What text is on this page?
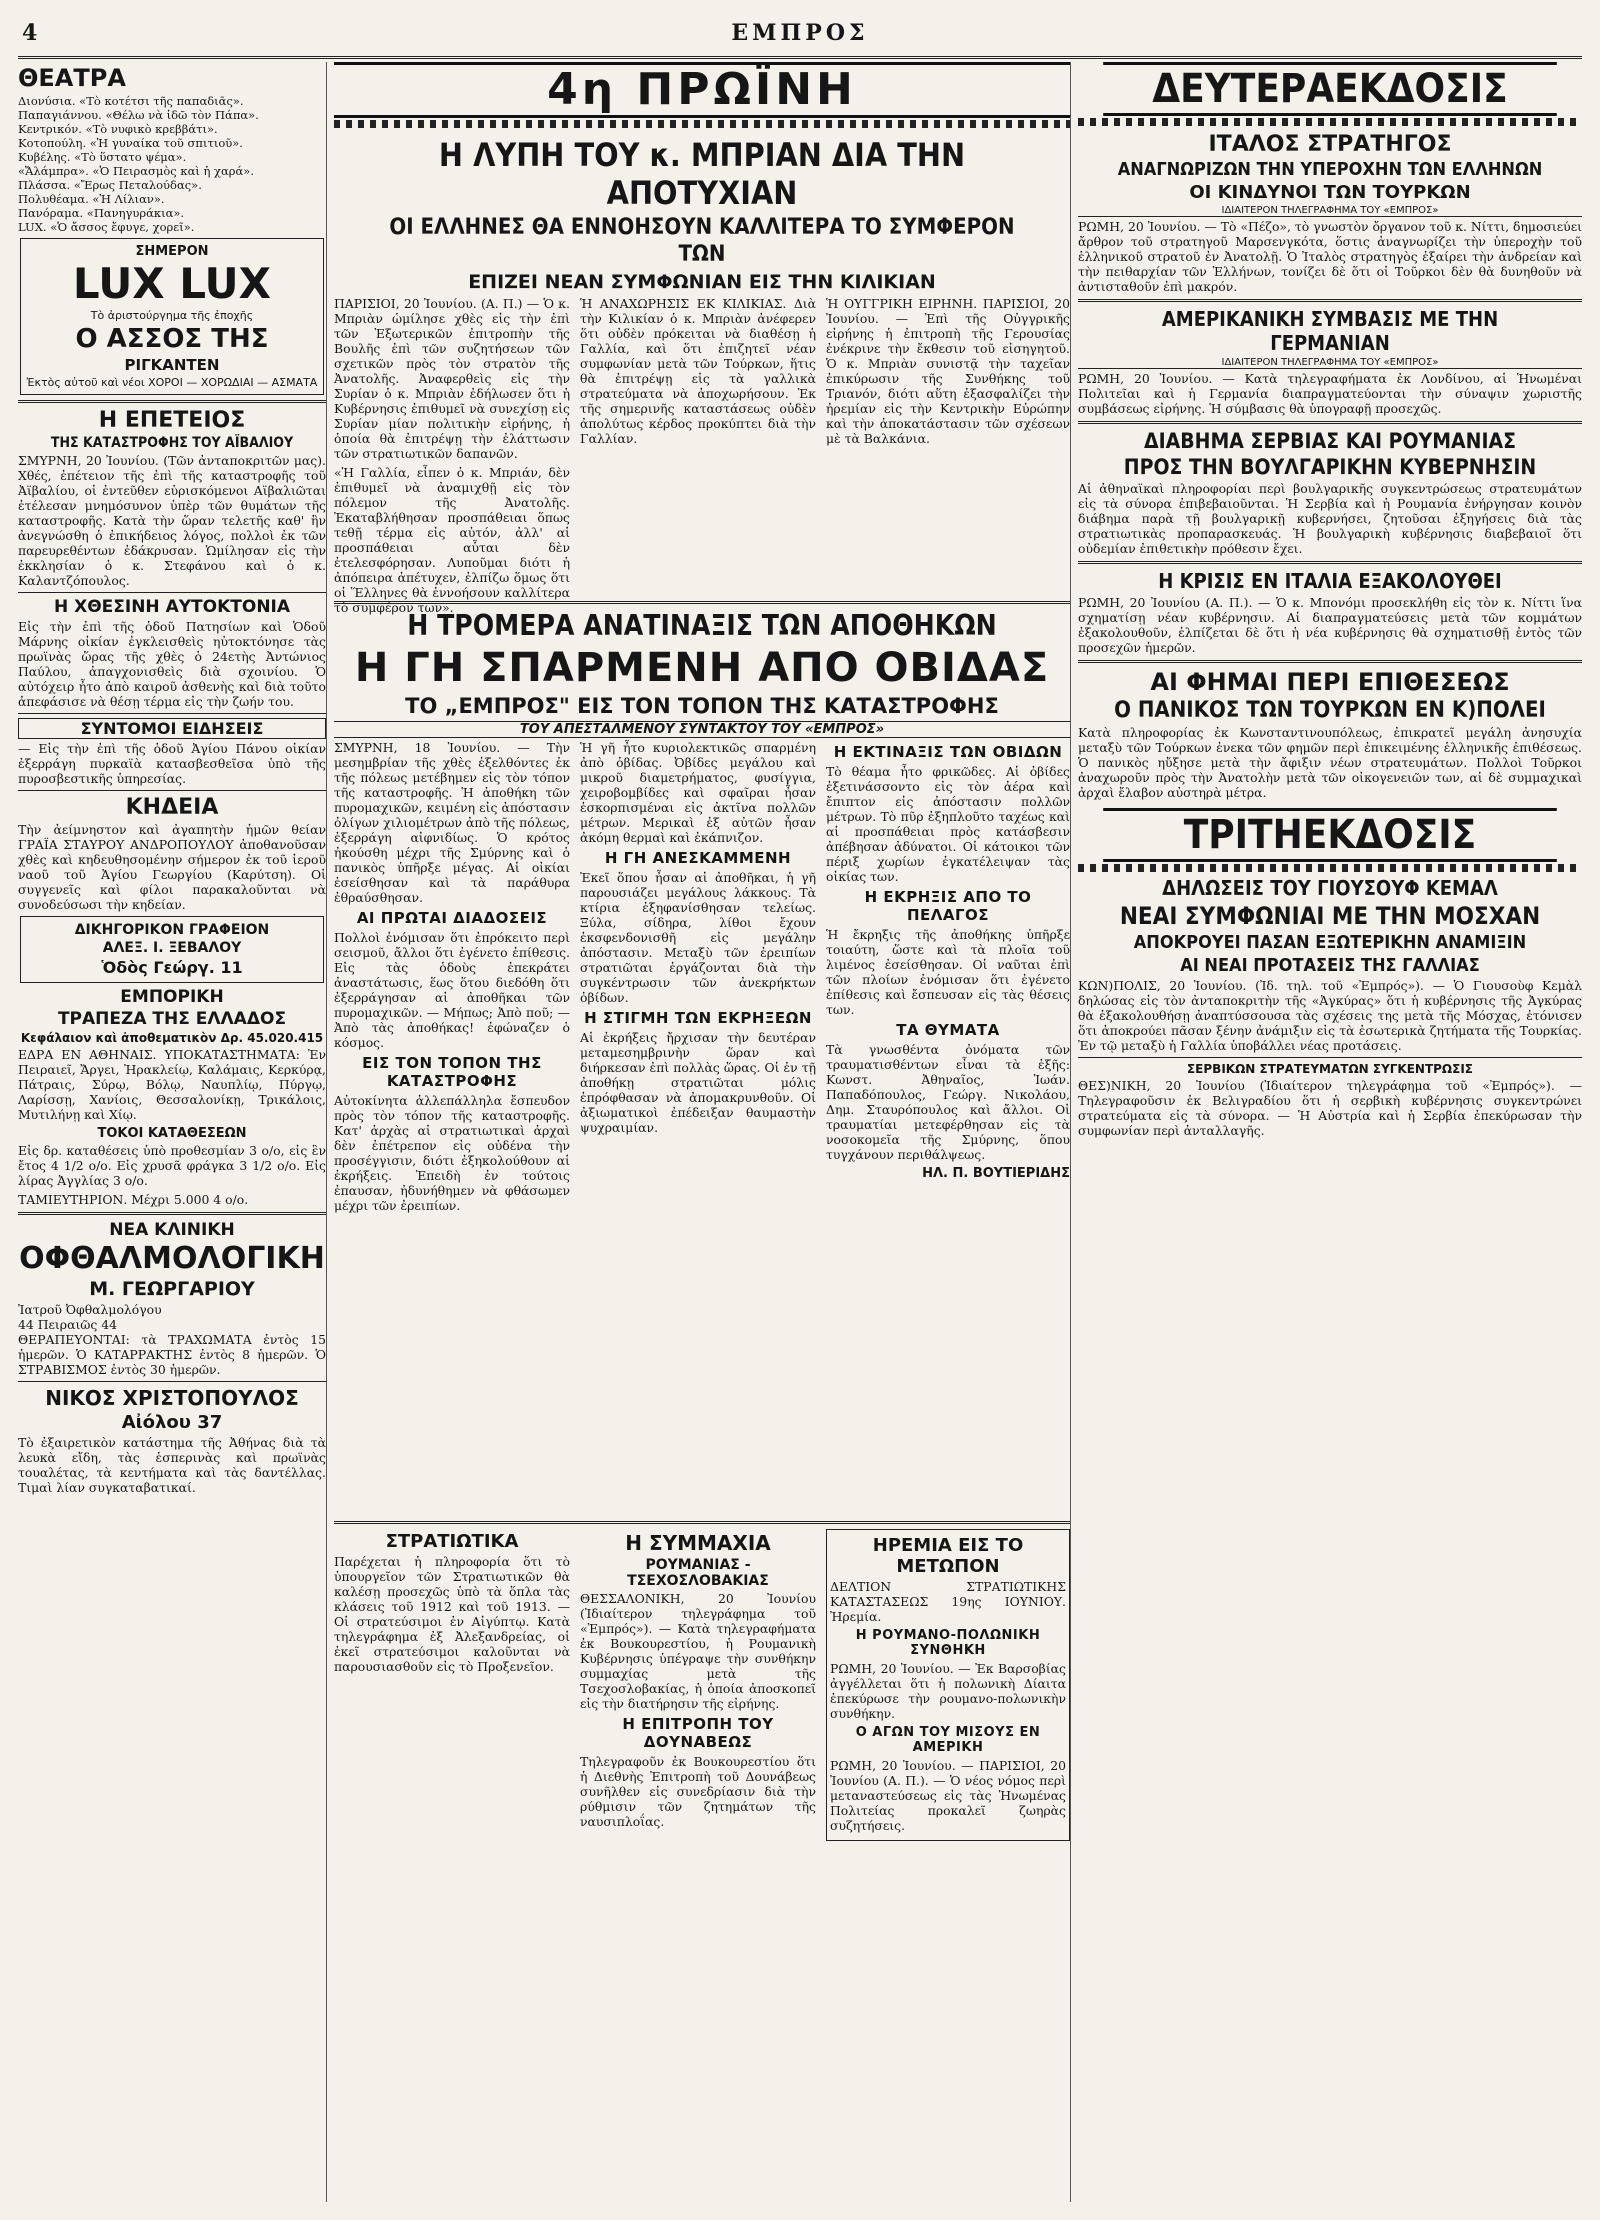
4	ΕΜΠΡΟΣ
ΘΕΑΤΡΑ

Διονύσια. «Τὸ κοτέτσι τῆς παπαδιᾶς».
Παπαγιάννου. «Θέλω νὰ ἰδῶ τὸν Πάπα».
Κεντρικόν. «Τὸ νυφικὸ κρεββάτι».
Κοτοπούλη. «Ἡ γυναίκα τοῦ σπιτιοῦ».
Κυβέλης. «Τὸ ὕστατο ψέμα».
«Ἄλάμπρα». «Ὁ Πειρασμὸς καὶ ἡ χαρά».
Πλάσσα. «Ἔρως Πεταλούδας».
Πολυθέαμα. «Ἡ Λίλιαν».
Πανόραμα. «Πανηγυράκια».
LUX. «Ὁ ἄσσος ἔφυγε, χορεῖ».

ΣΗΜΕΡΟΝ
LUX LUX
Τὸ ἀριστούργημα τῆς ἐποχῆς
Ο ΑΣΣΟΣ ΤΗΣ
ΡΙΓΚΑΝΤΕΝ
Ἐκτὸς αὐτοῦ καὶ νέοι ΧΟΡΟΙ — ΧΟΡΩΔΙΑΙ — ΑΣΜΑΤΑ
Η ΕΠΕΤΕΙΟΣ
ΤΗΣ ΚΑΤΑΣΤΡΟΦΗΣ ΤΟΥ ΑΪΒΑΛΙΟΥ

ΣΜΥΡΝΗ, 20 Ἰουνίου. (Τῶν ἀνταποκριτῶν μας). Χθές, ἐπέτειον τῆς ἐπὶ τῆς καταστροφῆς τοῦ Ἀϊβαλίου, οἱ ἐντεῦθεν εὑρισκόμενοι Αϊβαλιῶται ἐτέλεσαν μνημόσυνον ὑπὲρ τῶν θυμάτων τῆς καταστροφῆς. Κατὰ τὴν ὥραν τελετῆς καθ' ἣν ἀνεγνώσθη ὁ ἐπικήδειος λόγος, πολλοὶ ἐκ τῶν παρευρεθέντων ἐδάκρυσαν. Ὡμίλησαν εἰς τὴν ἐκκλησίαν ὁ κ. Στεφάνου καὶ ὁ κ. Καλαντζόπουλος.

Η ΧΘΕΣΙΝΗ ΑΥΤΟΚΤΟΝΙΑ

Εἰς τὴν ἐπὶ τῆς ὁδοῦ Πατησίων καὶ Ὁδοῦ Μάρνης οἰκίαν ἐγκλεισθεὶς ηὐτοκτόνησε τὰς πρωϊνὰς ὥρας τῆς χθὲς ὁ 24ετὴς Ἀντώνιος Παύλου, ἀπαγχονισθεὶς διὰ σχοινίου. Ὁ αὐτόχειρ ἦτο ἀπὸ καιροῦ ἀσθενὴς καὶ διὰ τοῦτο ἀπεφάσισε νὰ θέσῃ τέρμα εἰς τὴν ζωήν του.

ΣΥΝΤΟΜΟΙ ΕΙΔΗΣΕΙΣ

— Εἰς τὴν ἐπὶ τῆς ὁδοῦ Ἀγίου Πάνου οἰκίαν ἐξερράγη πυρκαϊὰ κατασβεσθεῖσα ὑπὸ τῆς πυροσβεστικῆς ὑπηρεσίας.

ΚΗΔΕΙΑ

Τὴν ἀείμνηστον καὶ ἀγαπητὴν ἡμῶν θείαν ΓΡΑΪΑ ΣΤΑΥΡΟΥ ΑΝΔΡΟΠΟΥΛΟΥ ἀποθανοῦσαν χθὲς καὶ κηδευθησομένην σήμερον ἐκ τοῦ ἱεροῦ ναοῦ τοῦ Ἁγίου Γεωργίου (Καρύτση). Οἱ συγγενεῖς καὶ φίλοι παρακαλοῦνται νὰ συνοδεύσωσι τὴν κηδείαν.

ΔΙΚΗΓΟΡΙΚΟΝ ΓΡΑΦΕΙΟΝ
ΑΛΕΞ. Ι. ΞΕΒΑΛΟΥ
Ὁδὸς Γεώργ. 11
ΕΜΠΟΡΙΚΗ
ΤΡΑΠΕΖΑ ΤΗΣ ΕΛΛΑΔΟΣ
Κεφάλαιον καὶ ἀποθεματικὸν Δρ. 45.020.415

ΕΔΡΑ ΕΝ ΑΘΗΝΑΙΣ. ΥΠΟΚΑΤΑΣΤΗΜΑΤΑ: Ἐν Πειραιεῖ, Ἄργει, Ἠρακλείῳ, Καλάμαις, Κερκύρᾳ, Πάτραις, Σύρῳ, Βόλῳ, Ναυπλίῳ, Πύργῳ, Λαρίσσῃ, Χανίοις, Θεσσαλονίκῃ, Τρικάλοις, Μυτιλήνῃ καὶ Χίῳ.

ΤΟΚΟΙ ΚΑΤΑΘΕΣΕΩΝ

Εἰς δρ. καταθέσεις ὑπὸ προθεσμίαν 3 ο/ο, εἰς ἓν ἔτος 4 1/2 ο/ο. Εἰς χρυσᾶ φράγκα 3 1/2 ο/ο. Εἰς λίρας Ἀγγλίας 3 ο/ο.

ΤΑΜΙΕΥΤΗΡΙΟΝ. Μέχρι 5.000 4 ο/ο.

ΝΕΑ ΚΛΙΝΙΚΗ
ΟΦΘΑΛΜΟΛΟΓΙΚΗ
Μ. ΓΕΩΡΓΑΡΙΟΥ

Ἰατροῦ Ὀφθαλμολόγου
44 Πειραιῶς 44
ΘΕΡΑΠΕΥΟΝΤΑΙ: τὰ ΤΡΑΧΩΜΑΤΑ ἐντὸς 15 ἡμερῶν. Ὁ ΚΑΤΑΡΡΑΚΤΗΣ ἐντὸς 8 ἡμερῶν. Ὁ ΣΤΡΑΒΙΣΜΟΣ ἐντὸς 30 ἡμερῶν.

ΝΙΚΟΣ ΧΡΙΣΤΟΠΟΥΛΟΣ
Αἰόλου 37

Τὸ ἐξαιρετικὸν κατάστημα τῆς Ἀθήνας διὰ τὰ λευκὰ εἴδη, τὰς ἑσπερινὰς καὶ πρωϊνὰς τουαλέτας, τὰ κεντήματα καὶ τὰς δαντέλλας. Τιμαὶ λίαν συγκαταβατικαί.

4η ΠΡΩΪΝΗ
Η ΛΥΠΗ ΤΟΥ κ. ΜΠΡΙΑΝ ΔΙΑ ΤΗΝ ΑΠΟΤΥΧΙΑΝ
ΟΙ ΕΛΛΗΝΕΣ ΘΑ ΕΝΝΟΗΣΟΥΝ ΚΑΛΛΙΤΕΡΑ ΤΟ ΣΥΜΦΕΡΟΝ ΤΩΝ
ΕΠΙΖΕΙ ΝΕΑΝ ΣΥΜΦΩΝΙΑΝ ΕΙΣ ΤΗΝ ΚΙΛΙΚΙΑΝ

ΠΑΡΙΣΙΟΙ, 20 Ἰουνίου. (Α. Π.) — Ὁ κ. Μπριὰν ὡμίλησε χθὲς εἰς τὴν ἐπὶ τῶν Ἐξωτερικῶν ἐπιτροπὴν τῆς Βουλῆς ἐπὶ τῶν συζητήσεων τῶν σχετικῶν πρὸς τὸν στρατὸν τῆς Ἀνατολῆς. Ἀναφερθεὶς εἰς τὴν Συρίαν ὁ κ. Μπριὰν ἐδήλωσεν ὅτι ἡ Κυβέρνησις ἐπιθυμεῖ νὰ συνεχίσῃ εἰς Συρίαν μίαν πολιτικὴν εἰρήνης, ἡ ὁποία θὰ ἐπιτρέψῃ τὴν ἐλάττωσιν τῶν στρατιωτικῶν δαπανῶν.

«Ἡ Γαλλία, εἶπεν ὁ κ. Μπριάν, δὲν ἐπιθυμεῖ νὰ ἀναμιχθῇ εἰς τὸν πόλεμον τῆς Ἀνατολῆς. Ἐκαταβλήθησαν προσπάθειαι ὅπως τεθῇ τέρμα εἰς αὐτόν, ἀλλ' αἱ προσπάθειαι αὗται δὲν ἐτελεσφόρησαν. Λυποῦμαι διότι ἡ ἀπόπειρα ἀπέτυχεν, ἐλπίζω ὅμως ὅτι οἱ Ἕλληνες θὰ ἐννοήσουν καλλίτερα τὸ συμφέρον των».

Ἡ ΑΝΑΧΩΡΗΣΙΣ ΕΚ ΚΙΛΙΚΙΑΣ. Διὰ τὴν Κιλικίαν ὁ κ. Μπριὰν ἀνέφερεν ὅτι οὐδὲν πρόκειται νὰ διαθέσῃ ἡ Γαλλία, καὶ ὅτι ἐπιζητεῖ νέαν συμφωνίαν μετὰ τῶν Τούρκων, ἥτις θὰ ἐπιτρέψῃ εἰς τὰ γαλλικὰ στρατεύματα νὰ ἀποχωρήσουν. Ἐκ τῆς σημερινῆς καταστάσεως οὐδὲν ἀπολύτως κέρδος προκύπτει διὰ τὴν Γαλλίαν.

Ἡ ΟΥΓΓΡΙΚΗ ΕΙΡΗΝΗ. ΠΑΡΙΣΙΟΙ, 20 Ἰουνίου. — Ἐπὶ τῆς Οὐγγρικῆς εἰρήνης ἡ ἐπιτροπὴ τῆς Γερουσίας ἐνέκρινε τὴν ἔκθεσιν τοῦ εἰσηγητοῦ. Ὁ κ. Μπριὰν συνιστᾷ τὴν ταχεῖαν ἐπικύρωσιν τῆς Συνθήκης τοῦ Τριανόν, διότι αὕτη ἐξασφαλίζει τὴν ἠρεμίαν εἰς τὴν Κεντρικὴν Εὐρώπην καὶ τὴν ἀποκατάστασιν τῶν σχέσεων μὲ τὰ Βαλκάνια.

Η ΤΡΟΜΕΡΑ ΑΝΑΤΙΝΑΞΙΣ ΤΩΝ ΑΠΟΘΗΚΩΝ
Η ΓΗ ΣΠΑΡΜΕΝΗ ΑΠΟ ΟΒΙΔΑΣ
ΤΟ „ΕΜΠΡΟΣ" ΕΙΣ ΤΟΝ ΤΟΠΟΝ ΤΗΣ ΚΑΤΑΣΤΡΟΦΗΣ
ΤΟΥ ΑΠΕΣΤΑΛΜΕΝΟΥ ΣΥΝΤΑΚΤΟΥ ΤΟΥ «ΕΜΠΡΟΣ»

ΣΜΥΡΝΗ, 18 Ἰουνίου. — Τὴν μεσημβρίαν τῆς χθὲς ἐξελθόντες ἐκ τῆς πόλεως μετέβημεν εἰς τὸν τόπον τῆς καταστροφῆς. Ἡ ἀποθήκη τῶν πυρομαχικῶν, κειμένη εἰς ἀπόστασιν ὀλίγων χιλιομέτρων ἀπὸ τῆς πόλεως, ἐξερράγη αἰφνιδίως. Ὁ κρότος ἠκούσθη μέχρι τῆς Σμύρνης καὶ ὁ πανικὸς ὑπῆρξε μέγας. Αἱ οἰκίαι ἐσείσθησαν καὶ τὰ παράθυρα ἐθραύσθησαν.

ΑΙ ΠΡΩΤΑΙ ΔΙΑΔΟΣΕΙΣ

Πολλοὶ ἐνόμισαν ὅτι ἐπρόκειτο περὶ σεισμοῦ, ἄλλοι ὅτι ἐγένετο ἐπίθεσις. Εἰς τὰς ὁδοὺς ἐπεκράτει ἀναστάτωσις, ἕως ὅτου διεδόθη ὅτι ἐξερράγησαν αἱ ἀποθῆκαι τῶν πυρομαχικῶν. — Μήπως; Ἀπὸ ποῦ; — Ἀπὸ τὰς ἀποθήκας! ἐφώναζεν ὁ κόσμος.

ΕΙΣ ΤΟΝ ΤΟΠΟΝ ΤΗΣ ΚΑΤΑΣΤΡΟΦΗΣ

Αὐτοκίνητα ἀλλεπάλληλα ἔσπευδον πρὸς τὸν τόπον τῆς καταστροφῆς. Κατ' ἀρχὰς αἱ στρατιωτικαὶ ἀρχαὶ δὲν ἐπέτρεπον εἰς οὐδένα τὴν προσέγγισιν, διότι ἐξηκολούθουν αἱ ἐκρήξεις. Ἐπειδὴ ἐν τούτοις ἐπαυσαν, ἠδυνήθημεν νὰ φθάσωμεν μέχρι τῶν ἐρειπίων.

Ἡ γῆ ἦτο κυριολεκτικῶς σπαρμένη ἀπὸ ὀβίδας. Ὀβίδες μεγάλου καὶ μικροῦ διαμετρήματος, φυσίγγια, χειροβομβίδες καὶ σφαῖραι ἦσαν ἐσκορπισμέναι εἰς ἀκτῖνα πολλῶν μέτρων. Μερικαὶ ἐξ αὐτῶν ἦσαν ἀκόμη θερμαὶ καὶ ἐκάπνιζον.

Η ΓΗ ΑΝΕΣΚΑΜΜΕΝΗ

Ἐκεῖ ὅπου ἦσαν αἱ ἀποθῆκαι, ἡ γῆ παρουσιάζει μεγάλους λάκκους. Τὰ κτίρια ἐξηφανίσθησαν τελείως. Ξύλα, σίδηρα, λίθοι ἔχουν ἐκσφενδονισθῆ εἰς μεγάλην ἀπόστασιν. Μεταξὺ τῶν ἐρειπίων στρατιῶται ἐργάζονται διὰ τὴν συγκέντρωσιν τῶν ἀνεκρήκτων ὀβίδων.

Η ΣΤΙΓΜΗ ΤΩΝ ΕΚΡΗΞΕΩΝ

Αἱ ἐκρήξεις ἤρχισαν τὴν δευτέραν μεταμεσημβρινὴν ὥραν καὶ διήρκεσαν ἐπὶ πολλὰς ὥρας. Οἱ ἐν τῇ ἀποθήκῃ στρατιῶται μόλις ἐπρόφθασαν νὰ ἀπομακρυνθοῦν. Οἱ ἀξιωματικοὶ ἐπέδειξαν θαυμαστὴν ψυχραιμίαν.

Η ΕΚΤΙΝΑΞΙΣ ΤΩΝ ΟΒΙΔΩΝ

Τὸ θέαμα ἦτο φρικῶδες. Αἱ ὀβίδες ἐξετινάσσοντο εἰς τὸν ἀέρα καὶ ἔπιπτον εἰς ἀπόστασιν πολλῶν μέτρων. Τὸ πῦρ ἐξηπλοῦτο ταχέως καὶ αἱ προσπάθειαι πρὸς κατάσβεσιν ἀπέβησαν ἀδύνατοι. Οἱ κάτοικοι τῶν πέριξ χωρίων ἐγκατέλειψαν τὰς οἰκίας των.

Η ΕΚΡΗΞΙΣ ΑΠΟ ΤΟ ΠΕΛΑΓΟΣ

Ἡ ἔκρηξις τῆς ἀποθήκης ὑπῆρξε τοιαύτη, ὥστε καὶ τὰ πλοῖα τοῦ λιμένος ἐσείσθησαν. Οἱ ναῦται ἐπὶ τῶν πλοίων ἐνόμισαν ὅτι ἐγένετο ἐπίθεσις καὶ ἔσπευσαν εἰς τὰς θέσεις των.

ΤΑ ΘΥΜΑΤΑ

Τὰ γνωσθέντα ὀνόματα τῶν τραυματισθέντων εἶναι τὰ ἑξῆς: Κωνστ. Ἀθηναῖος, Ἰωάν. Παπαδόπουλος, Γεώργ. Νικολάου, Δημ. Σταυρόπουλος καὶ ἄλλοι. Οἱ τραυματίαι μετεφέρθησαν εἰς τὰ νοσοκομεῖα τῆς Σμύρνης, ὅπου τυγχάνουν περιθάλψεως.

ΗΛ. Π. ΒΟΥΤΙΕΡΙΔΗΣ
ΣΤΡΑΤΙΩΤΙΚΑ

Παρέχεται ἡ πληροφορία ὅτι τὸ ὑπουργεῖον τῶν Στρατιωτικῶν θὰ καλέσῃ προσεχῶς ὑπὸ τὰ ὅπλα τὰς κλάσεις τοῦ 1912 καὶ τοῦ 1913. — Οἱ στρατεύσιμοι ἐν Αἰγύπτῳ. Κατὰ τηλεγράφημα ἐξ Ἀλεξανδρείας, οἱ ἐκεῖ στρατεύσιμοι καλοῦνται νὰ παρουσιασθοῦν εἰς τὸ Προξενεῖον.

Η ΣΥΜΜΑΧΙΑ
ΡΟΥΜΑΝΙΑΣ - ΤΣΕΧΟΣΛΟΒΑΚΙΑΣ

ΘΕΣΣΑΛΟΝΙΚΗ, 20 Ἰουνίου (Ἰδιαίτερον τηλεγράφημα τοῦ «Ἐμπρός»). — Κατὰ τηλεγραφήματα ἐκ Βουκουρεστίου, ἡ Ρουμανικὴ Κυβέρνησις ὑπέγραψε τὴν συνθήκην συμμαχίας μετὰ τῆς Τσεχοσλοβακίας, ἡ ὁποία ἀποσκοπεῖ εἰς τὴν διατήρησιν τῆς εἰρήνης.

Η ΕΠΙΤΡΟΠΗ ΤΟΥ ΔΟΥΝΑΒΕΩΣ

Τηλεγραφοῦν ἐκ Βουκουρεστίου ὅτι ἡ Διεθνὴς Ἐπιτροπὴ τοῦ Δουνάβεως συνῆλθεν εἰς συνεδρίασιν διὰ τὴν ρύθμισιν τῶν ζητημάτων τῆς ναυσιπλοΐας.

ΗΡΕΜΙΑ ΕΙΣ ΤΟ ΜΕΤΩΠΟΝ

ΔΕΛΤΙΟΝ ΣΤΡΑΤΙΩΤΙΚΗΣ ΚΑΤΑΣΤΑΣΕΩΣ 19ης ΙΟΥΝΙΟΥ. Ἠρεμία.

Η ΡΟΥΜΑΝΟ-ΠΟΛΩΝΙΚΗ ΣΥΝΘΗΚΗ

ΡΩΜΗ, 20 Ἰουνίου. — Ἐκ Βαρσοβίας ἀγγέλλεται ὅτι ἡ πολωνικὴ Δίαιτα ἐπεκύρωσε τὴν ρουμανο-πολωνικὴν συνθήκην.

Ο ΑΓΩΝ ΤΟΥ ΜΙΣΟΥΣ ΕΝ ΑΜΕΡΙΚΗ

ΡΩΜΗ, 20 Ἰουνίου. — ΠΑΡΙΣΙΟΙ, 20 Ἰουνίου (Α. Π.). — Ὁ νέος νόμος περὶ μεταναστεύσεως εἰς τὰς Ἡνωμένας Πολιτείας προκαλεῖ ζωηρὰς συζητήσεις.

ΔΕΥΤΕΡΑΕΚΔΟΣΙΣ
ΙΤΑΛΟΣ ΣΤΡΑΤΗΓΟΣ
ΑΝΑΓΝΩΡΙΖΩΝ ΤΗΝ ΥΠΕΡΟΧΗΝ ΤΩΝ ΕΛΛΗΝΩΝ
ΟΙ ΚΙΝΔΥΝΟΙ ΤΩΝ ΤΟΥΡΚΩΝ
ΙΔΙΑΙΤΕΡΟΝ ΤΗΛΕΓΡΑΦΗΜΑ ΤΟΥ «ΕΜΠΡΟΣ»

ΡΩΜΗ, 20 Ἰουνίου. — Τὸ «Πέζο», τὸ γνωστὸν ὄργανον τοῦ κ. Νίττι, δημοσιεύει ἄρθρον τοῦ στρατηγοῦ Μαρσενγκότα, ὅστις ἀναγνωρίζει τὴν ὑπεροχὴν τοῦ ἑλληνικοῦ στρατοῦ ἐν Ἀνατολῇ. Ὁ Ἰταλὸς στρατηγὸς ἐξαίρει τὴν ἀνδρείαν καὶ τὴν πειθαρχίαν τῶν Ἑλλήνων, τονίζει δὲ ὅτι οἱ Τοῦρκοι δὲν θὰ δυνηθοῦν νὰ ἀντισταθοῦν ἐπὶ μακρόν.

ΑΜΕΡΙΚΑΝΙΚΗ ΣΥΜΒΑΣΙΣ ΜΕ ΤΗΝ ΓΕΡΜΑΝΙΑΝ
ΙΔΙΑΙΤΕΡΟΝ ΤΗΛΕΓΡΑΦΗΜΑ ΤΟΥ «ΕΜΠΡΟΣ»

ΡΩΜΗ, 20 Ἰουνίου. — Κατὰ τηλεγραφήματα ἐκ Λονδίνου, αἱ Ἡνωμέναι Πολιτεῖαι καὶ ἡ Γερμανία διαπραγματεύονται τὴν σύναψιν χωριστῆς συμβάσεως εἰρήνης. Ἡ σύμβασις θὰ ὑπογραφῇ προσεχῶς.

ΔΙΑΒΗΜΑ ΣΕΡΒΙΑΣ ΚΑΙ ΡΟΥΜΑΝΙΑΣ
ΠΡΟΣ ΤΗΝ ΒΟΥΛΓΑΡΙΚΗΝ ΚΥΒΕΡΝΗΣΙΝ

Αἱ ἀθηναϊκαὶ πληροφορίαι περὶ βουλγαρικῆς συγκεντρώσεως στρατευμάτων εἰς τὰ σύνορα ἐπιβεβαιοῦνται. Ἡ Σερβία καὶ ἡ Ρουμανία ἐνήργησαν κοινὸν διάβημα παρὰ τῇ βουλγαρικῇ κυβερνήσει, ζητοῦσαι ἐξηγήσεις διὰ τὰς στρατιωτικὰς προπαρασκευάς. Ἡ βουλγαρικὴ κυβέρνησις διαβεβαιοῖ ὅτι οὐδεμίαν ἐπιθετικὴν πρόθεσιν ἔχει.

Η ΚΡΙΣΙΣ ΕΝ ΙΤΑΛΙΑ ΕΞΑΚΟΛΟΥΘΕΙ

ΡΩΜΗ, 20 Ἰουνίου (Α. Π.). — Ὁ κ. Μπονόμι προσεκλήθη εἰς τὸν κ. Νίττι ἵνα σχηματίσῃ νέαν κυβέρνησιν. Αἱ διαπραγματεύσεις μετὰ τῶν κομμάτων ἐξακολουθοῦν, ἐλπίζεται δὲ ὅτι ἡ νέα κυβέρνησις θὰ σχηματισθῇ ἐντὸς τῶν προσεχῶν ἡμερῶν.

ΑΙ ΦΗΜΑΙ ΠΕΡΙ ΕΠΙΘΕΣΕΩΣ
Ο ΠΑΝΙΚΟΣ ΤΩΝ ΤΟΥΡΚΩΝ ΕΝ Κ)ΠΟΛΕΙ

Κατὰ πληροφορίας ἐκ Κωνσταντινουπόλεως, ἐπικρατεῖ μεγάλη ἀνησυχία μεταξὺ τῶν Τούρκων ἐνεκα τῶν φημῶν περὶ ἐπικειμένης ἑλληνικῆς ἐπιθέσεως. Ὁ πανικὸς ηὔξησε μετὰ τὴν ἄφιξιν νέων στρατευμάτων. Πολλοὶ Τοῦρκοι ἀναχωροῦν πρὸς τὴν Ἀνατολὴν μετὰ τῶν οἰκογενειῶν των, αἱ δὲ συμμαχικαὶ ἀρχαὶ ἔλαβον αὐστηρὰ μέτρα.

ΤΡΙΤΗΕΚΔΟΣΙΣ
ΔΗΛΩΣΕΙΣ ΤΟΥ ΓΙΟΥΣΟΥΦ ΚΕΜΑΛ
ΝΕΑΙ ΣΥΜΦΩΝΙΑΙ ΜΕ ΤΗΝ ΜΟΣΧΑΝ
ΑΠΟΚΡΟΥΕΙ ΠΑΣΑΝ ΕΞΩΤΕΡΙΚΗΝ ΑΝΑΜΙΞΙΝ
ΑΙ ΝΕΑΙ ΠΡΟΤΑΣΕΙΣ ΤΗΣ ΓΑΛΛΙΑΣ

ΚΩΝ)ΠΟΛΙΣ, 20 Ἰουνίου. (Ἰδ. τηλ. τοῦ «Ἐμπρός»). — Ὁ Γιουσοὺφ Κεμὰλ δηλώσας εἰς τὸν ἀνταποκριτὴν τῆς «Ἀγκύρας» ὅτι ἡ κυβέρνησις τῆς Ἀγκύρας θὰ ἐξακολουθήσῃ ἀναπτύσσουσα τὰς σχέσεις της μετὰ τῆς Μόσχας, ἐτόνισεν ὅτι ἀποκρούει πᾶσαν ξένην ἀνάμιξιν εἰς τὰ ἐσωτερικὰ ζητήματα τῆς Τουρκίας. Ἐν τῷ μεταξὺ ἡ Γαλλία ὑποβάλλει νέας προτάσεις.

ΣΕΡΒΙΚΩΝ ΣΤΡΑΤΕΥΜΑΤΩΝ ΣΥΓΚΕΝΤΡΩΣΙΣ

ΘΕΣ)ΝΙΚΗ, 20 Ἰουνίου (Ἰδιαίτερον τηλεγράφημα τοῦ «Ἐμπρός»). — Τηλεγραφοῦσιν ἐκ Βελιγραδίου ὅτι ἡ σερβικὴ κυβέρνησις συγκεντρώνει στρατεύματα εἰς τὰ σύνορα. — Ἡ Αὐστρία καὶ ἡ Σερβία ἐπεκύρωσαν τὴν συμφωνίαν περὶ ἀνταλλαγῆς.
